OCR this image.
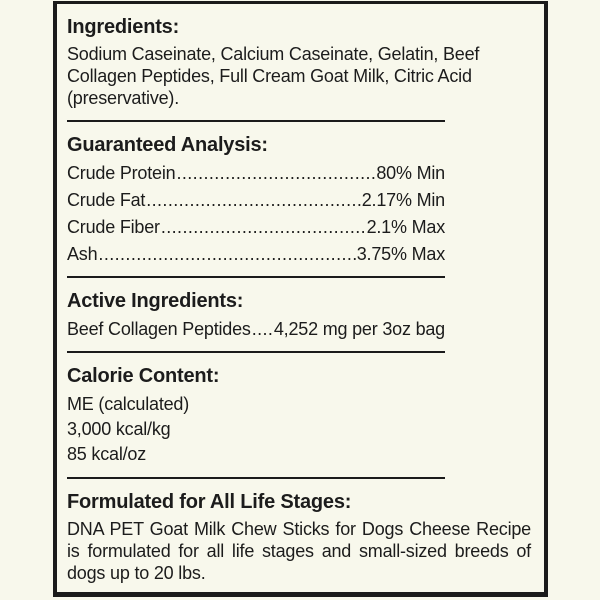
Ingredients:

Sodium Caseinate, Calcium Caseinate, Gelatin, Beef Collagen Peptides, Full Cream Goat Milk, Citric Acid (preservative).

Guaranteed Analysis:
Crude Protein .....	80% Min
Crude Fat .....	2.17% Min
Crude Fiber .....	2.1% Max
Ash .....	3.75% Max
Active Ingredients:
Beef Collagen Peptides ..... 4,252 mg per 3oz bag
Calorie Content:

ME (calculated)

3,000 kcal/kg

85 kcal/oz

Formulated for All Life Stages:

DNA PET Goat Milk Chew Sticks for Dogs Cheese Recipe is formulated for all life stages and small-sized breeds of dogs up to 20 lbs.
